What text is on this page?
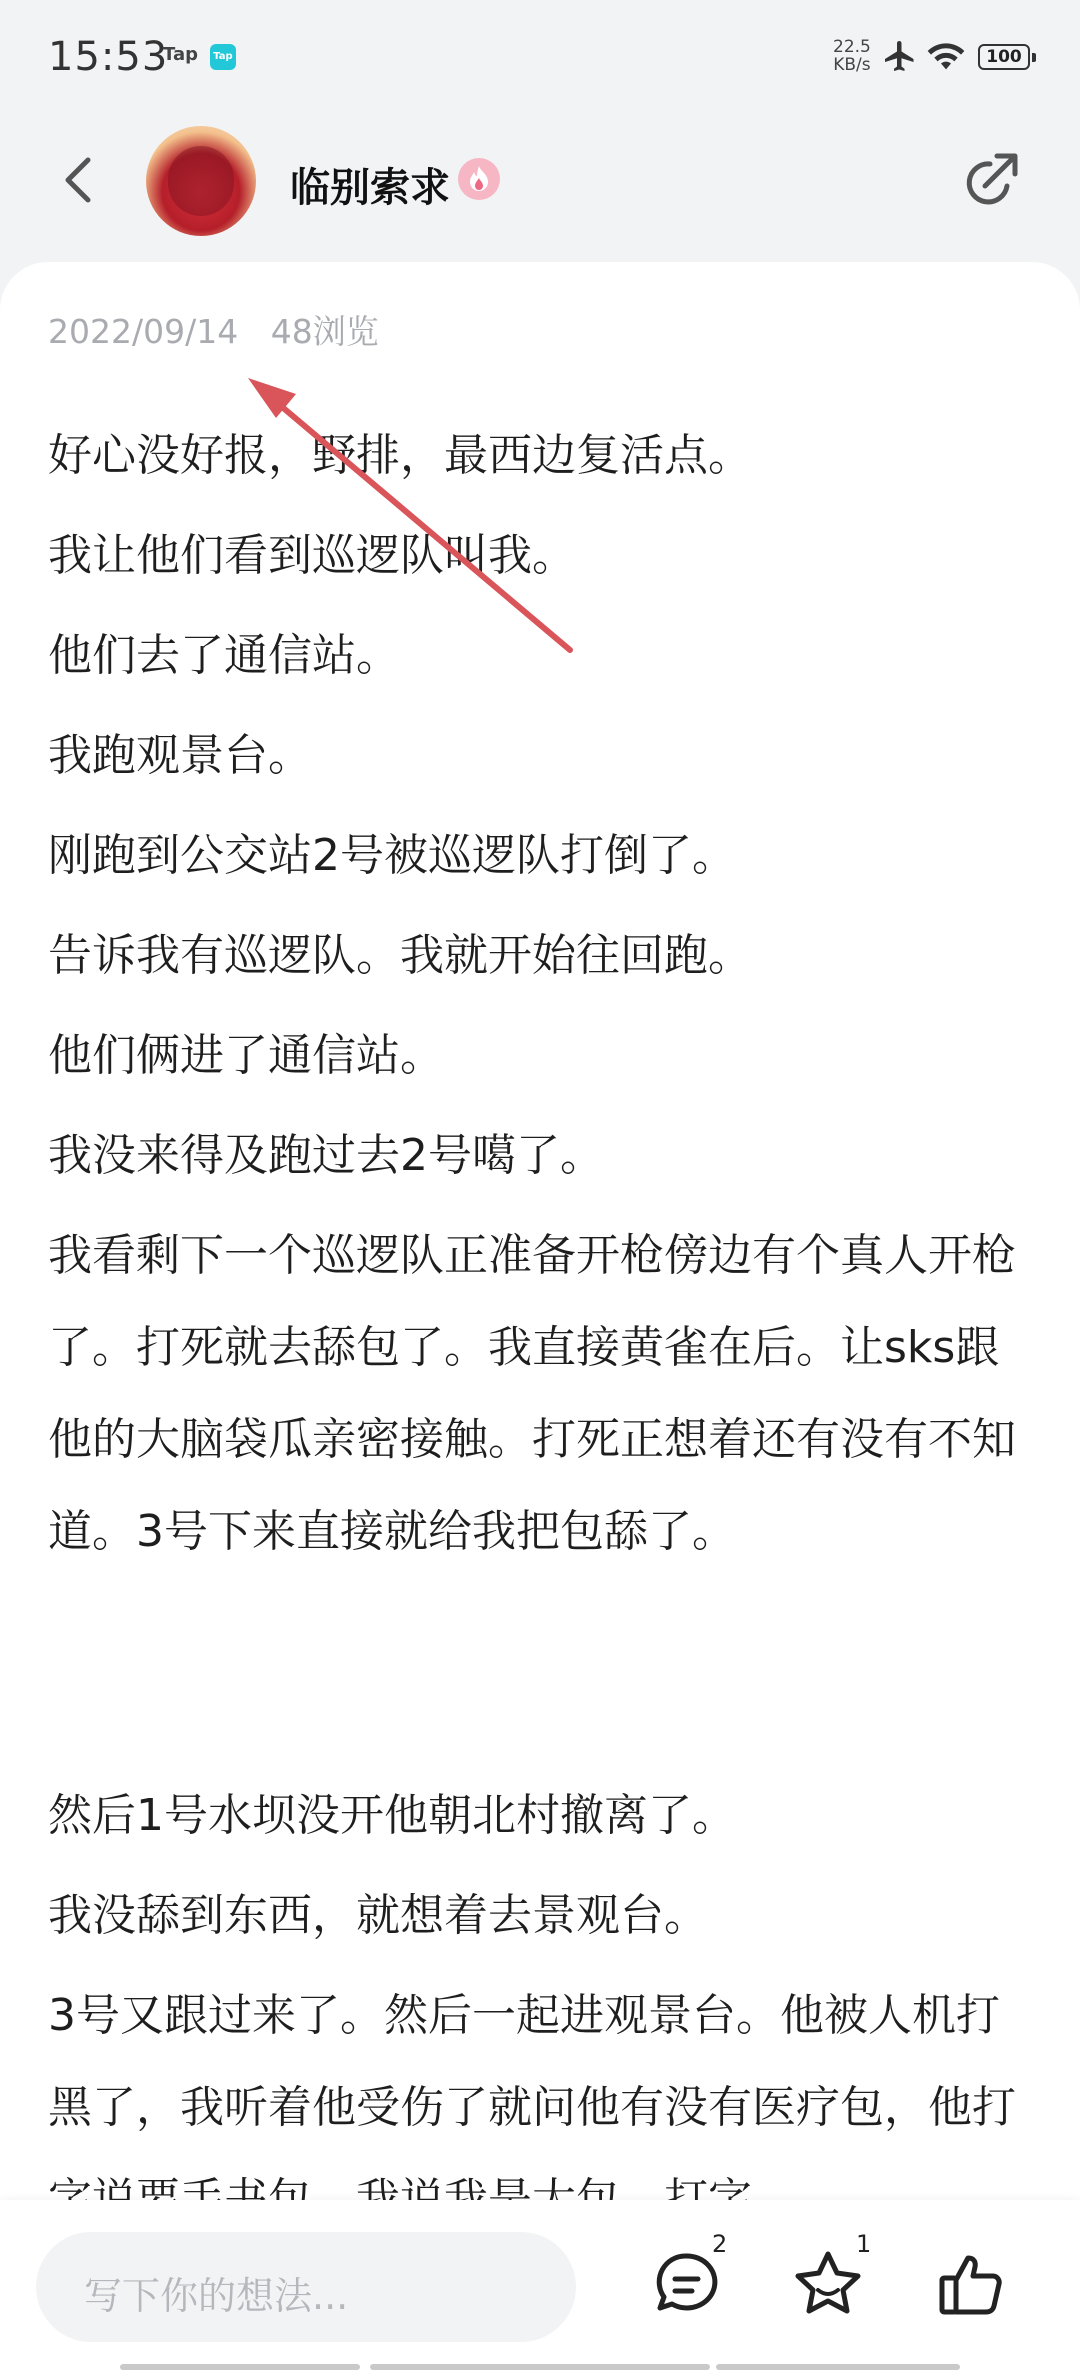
15:53
Tap	Tap	22.5
KB/s	100
临别索求
2022/09/14 48浏览

好心没好报，野排，最西边复活点。

我让他们看到巡逻队叫我。

他们去了通信站。

我跑观景台。

刚跑到公交站2号被巡逻队打倒了。

告诉我有巡逻队。我就开始往回跑。

他们俩进了通信站。

我没来得及跑过去2号噶了。

我看剩下一个巡逻队正准备开枪傍边有个真人开枪了。打死就去舔包了。我直接黄雀在后。让sks跟他的大脑袋瓜亲密接触。打死正想着还有没有不知道。3号下来直接就给我把包舔了。

然后1号水坝没开他朝北村撤离了。

我没舔到东西，就想着去景观台。

3号又跟过来了。然后一起进观景台。他被人机打黑了，我听着他受伤了就问他有没有医疗包，他打

写下你的想法...
2	1
